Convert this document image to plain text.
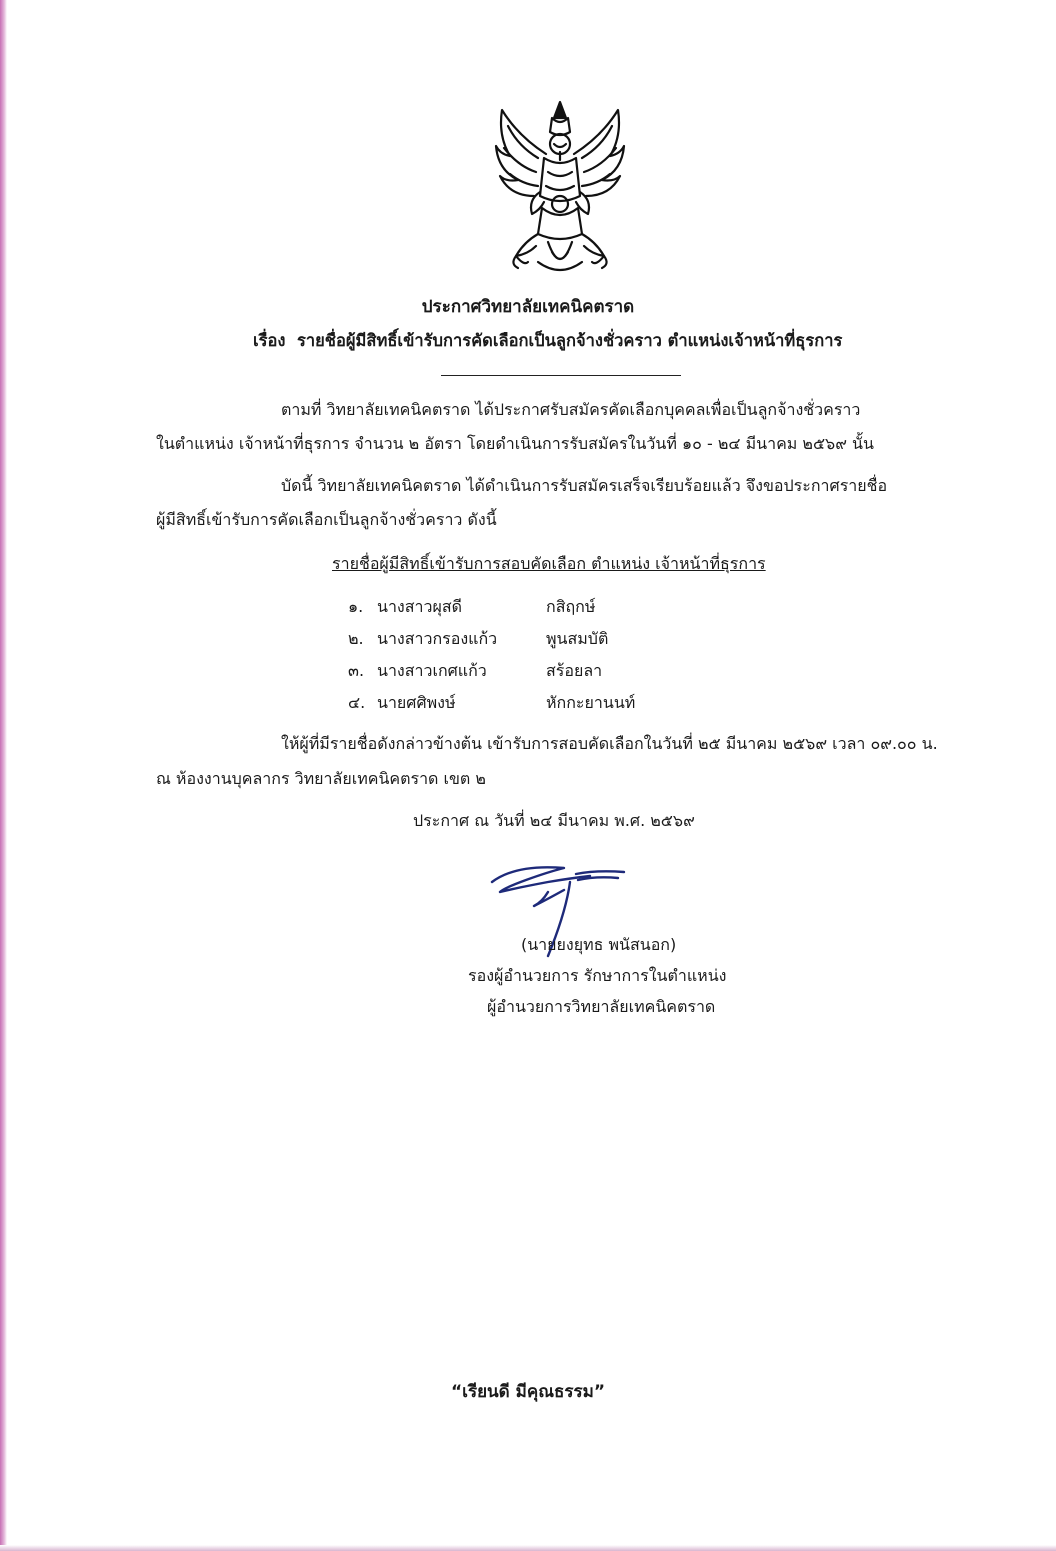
ประกาศวิทยาลัยเทคนิคตราด
เรื่อง รายชื่อผู้มีสิทธิ์เข้ารับการคัดเลือกเป็นลูกจ้างชั่วคราว ตำแหน่งเจ้าหน้าที่ธุรการ
ตามที่ วิทยาลัยเทคนิคตราด ได้ประกาศรับสมัครคัดเลือกบุคคลเพื่อเป็นลูกจ้างชั่วคราว
ในตำแหน่ง เจ้าหน้าที่ธุรการ จำนวน ๒ อัตรา โดยดำเนินการรับสมัครในวันที่ ๑๐ - ๒๔ มีนาคม ๒๕๖๙ นั้น
บัดนี้ วิทยาลัยเทคนิคตราด ได้ดำเนินการรับสมัครเสร็จเรียบร้อยแล้ว จึงขอประกาศรายชื่อ
ผู้มีสิทธิ์เข้ารับการคัดเลือกเป็นลูกจ้างชั่วคราว ดังนี้
รายชื่อผู้มีสิทธิ์เข้ารับการสอบคัดเลือก ตำแหน่ง เจ้าหน้าที่ธุรการ
๑. นางสาวผุสดี	กสิฤกษ์
๒. นางสาวกรองแก้ว	พูนสมบัติ
๓. นางสาวเกศแก้ว	สร้อยลา
๔. นายศศิพงษ์	หักกะยานนท์
ให้ผู้ที่มีรายชื่อดังกล่าวข้างต้น เข้ารับการสอบคัดเลือกในวันที่ ๒๕ มีนาคม ๒๕๖๙ เวลา ๐๙.๐๐ น.
ณ ห้องงานบุคลากร วิทยาลัยเทคนิคตราด เขต ๒
ประกาศ ณ วันที่ ๒๔ มีนาคม พ.ศ. ๒๕๖๙
(นายยงยุทธ พนัสนอก)
รองผู้อำนวยการ รักษาการในตำแหน่ง
ผู้อำนวยการวิทยาลัยเทคนิคตราด
“เรียนดี มีคุณธรรม”
